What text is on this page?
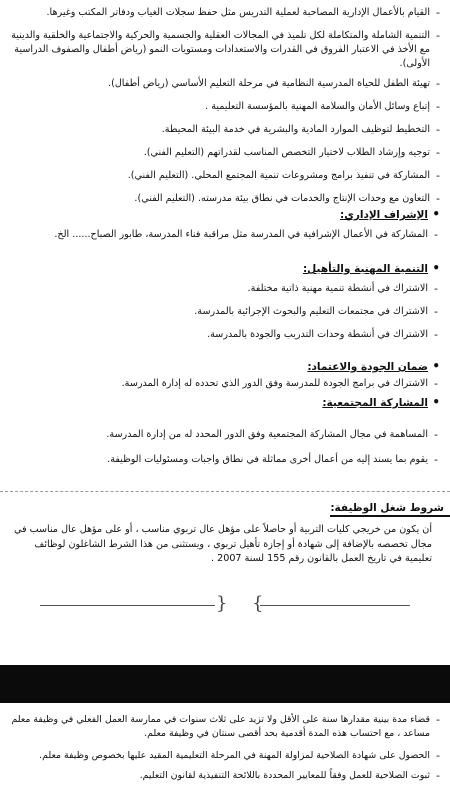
- القيام بالأعمال الإدارية المصاحبة لعملية التدريس مثل حفظ سجلات الغياب ودفاتر المكتب وغيرها.
- التنمية الشاملة والمتكاملة لكل تلميذ في المجالات العقلية والجسمية والحركية والاجتماعية والخلقية والدينية مع الأخذ في الاعتبار الفروق في القدرات والاستعدادات ومستويات النمو (رياض أطفال والصفوف الدراسية الأولى).
- تهيئة الطفل للحياة المدرسية النظامية في مرحلة التعليم الأساسي (رياض أطفال).
- إتباع وسائل الأمان والسلامة المهنية بالمؤسسة التعليمية .
- التخطيط لتوظيف الموارد المادية والبشرية في خدمة البيئة المحيطة.
- توجيه وإرشاد الطلاب لاختيار التخصص المناسب لقدراتهم (التعليم الفني).
- المشاركة في تنفيذ برامج ومشروعات تنمية المجتمع المحلي. (التعليم الفني).
- التعاون مع وحدات الإنتاج والخدمات في نطاق بيئة مدرسته. (التعليم الفني).
• الإشراف الإداري:
- المشاركة في الأعمال الإشرافية في المدرسة مثل مراقبة فناء المدرسة، طابور الصباح...... الخ.
• التنمية المهنية والتأهيل:
- الاشتراك في أنشطة تنمية مهنية ذاتية مختلفة.
- الاشتراك في مجتمعات التعليم والبحوث الإجرائية بالمدرسة.
- الاشتراك في أنشطة وحدات التدريب والجودة بالمدرسة.
• ضمان الجودة والاعتماد:
- الاشتراك في برامج الجودة للمدرسة وفق الدور الذي تحدده له إدارة المدرسة.
• المشاركة المجتمعية:
- المساهمة في مجال المشاركة المجتمعية وفق الدور المحدد له من إدارة المدرسة.
- يقوم بما يسند إليه من أعمال أخرى مماثلة في نطاق واجبات ومسئوليات الوظيفة.
شروط شغل الوظيفة:

أن يكون من خريجي كليات التربية أو حاصلاً على مؤهل عال تربوي مناسب ، أو على مؤهل عال مناسب في مجال تخصصه بالإضافة إلى شهادة أو إجازة تأهيل تربوي ، ويستثنى من هذا الشرط الشاغلون لوظائف تعليمية في تاريخ العمل بالقانون رقم 155 لسنة 2007 .

{ }
- قضاء مدة بينية مقدارها سنة على الأقل ولا تزيد على ثلاث سنوات في ممارسة العمل الفعلي في وظيفة معلم مساعد ، مع احتساب هذه المدة أقدمية بحد أقصى سنتان في وظيفة معلم.
- الحصول على شهادة الصلاحية لمزاولة المهنة في المرحلة التعليمية المقيد عليها بخصوص وظيفة معلم.
- ثبوت الصلاحية للعمل وفقاً للمعايير المحددة باللائحة التنفيذية لقانون التعليم.
